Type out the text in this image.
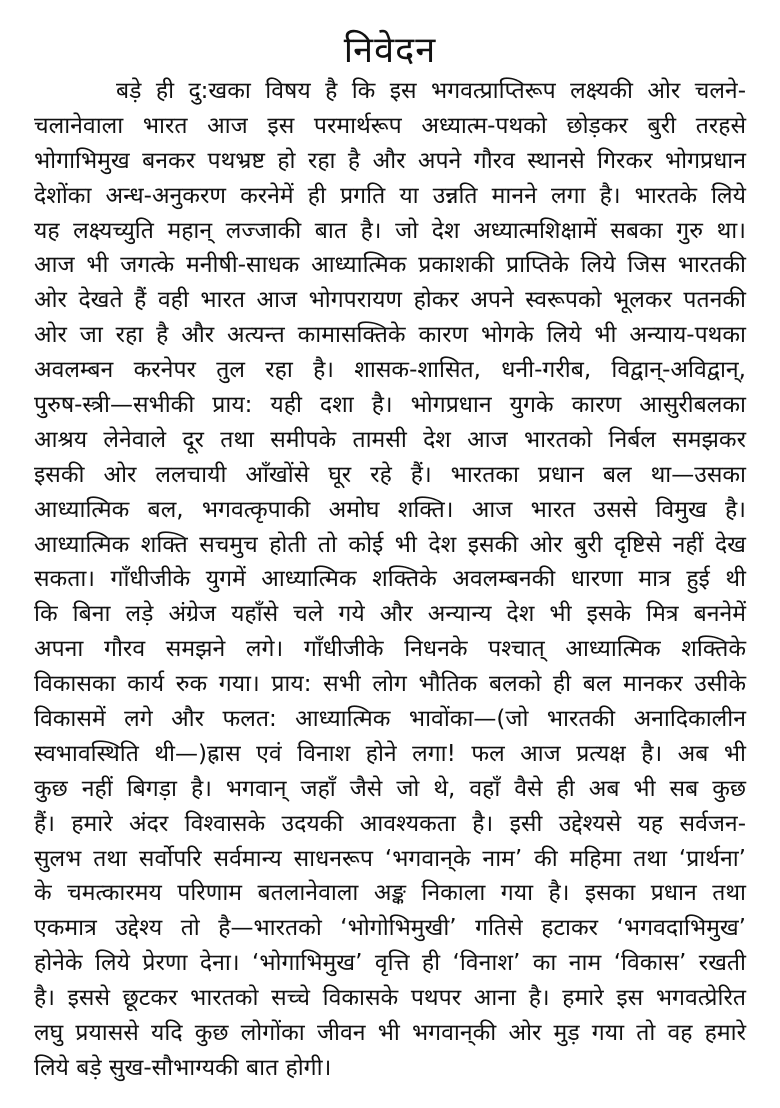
निवेदन
बड़े ही दु:खका विषय है कि इस भगवत्प्राप्तिरूप लक्ष्यकी ओर चलने-
चलानेवाला भारत आज इस परमार्थरूप अध्यात्म-पथको छोड़कर बुरी तरहसे
भोगाभिमुख बनकर पथभ्रष्ट हो रहा है और अपने गौरव स्थानसे गिरकर भोगप्रधान
देशोंका अन्ध-अनुकरण करनेमें ही प्रगति या उन्नति मानने लगा है। भारतके लिये
यह लक्ष्यच्युति महान् लज्जाकी बात है। जो देश अध्यात्मशिक्षामें सबका गुरु था।
आज भी जगत्के मनीषी-साधक आध्यात्मिक प्रकाशकी प्राप्तिके लिये जिस भारतकी
ओर देखते हैं वही भारत आज भोगपरायण होकर अपने स्वरूपको भूलकर पतनकी
ओर जा रहा है और अत्यन्त कामासक्तिके कारण भोगके लिये भी अन्याय-पथका
अवलम्बन करनेपर तुल रहा है। शासक-शासित, धनी-गरीब, विद्वान्-अविद्वान्,
पुरुष-स्त्री—सभीकी प्राय: यही दशा है। भोगप्रधान युगके कारण आसुरीबलका
आश्रय लेनेवाले दूर तथा समीपके तामसी देश आज भारतको निर्बल समझकर
इसकी ओर ललचायी आँखोंसे घूर रहे हैं। भारतका प्रधान बल था—उसका
आध्यात्मिक बल, भगवत्कृपाकी अमोघ शक्ति। आज भारत उससे विमुख है।
आध्यात्मिक शक्ति सचमुच होती तो कोई भी देश इसकी ओर बुरी दृष्टिसे नहीं देख
सकता। गाँधीजीके युगमें आध्यात्मिक शक्तिके अवलम्बनकी धारणा मात्र हुई थी
कि बिना लड़े अंग्रेज यहाँसे चले गये और अन्यान्य देश भी इसके मित्र बननेमें
अपना गौरव समझने लगे। गाँधीजीके निधनके पश्चात् आध्यात्मिक शक्तिके
विकासका कार्य रुक गया। प्राय: सभी लोग भौतिक बलको ही बल मानकर उसीके
विकासमें लगे और फलत: आध्यात्मिक भावोंका—(जो भारतकी अनादिकालीन
स्वभावस्थिति थी—)ह्रास एवं विनाश होने लगा! फल आज प्रत्यक्ष है। अब भी
कुछ नहीं बिगड़ा है। भगवान् जहाँ जैसे जो थे, वहाँ वैसे ही अब भी सब कुछ
हैं। हमारे अंदर विश्वासके उदयकी आवश्यकता है। इसी उद्देश्यसे यह सर्वजन-
सुलभ तथा सर्वोपरि सर्वमान्य साधनरूप ‘भगवान्‌के नाम’ की महिमा तथा ‘प्रार्थना’
के चमत्कारमय परिणाम बतलानेवाला अङ्क निकाला गया है। इसका प्रधान तथा
एकमात्र उद्देश्य तो है—भारतको ‘भोगोभिमुखी’ गतिसे हटाकर ‘भगवदाभिमुख’
होनेके लिये प्रेरणा देना। ‘भोगाभिमुख’ वृत्ति ही ‘विनाश’ का नाम ‘विकास’ रखती
है। इससे छूटकर भारतको सच्चे विकासके पथपर आना है। हमारे इस भगवत्प्रेरित
लघु प्रयाससे यदि कुछ लोगोंका जीवन भी भगवान्‌की ओर मुड़ गया तो वह हमारे
लिये बड़े सुख-सौभाग्यकी बात होगी।
